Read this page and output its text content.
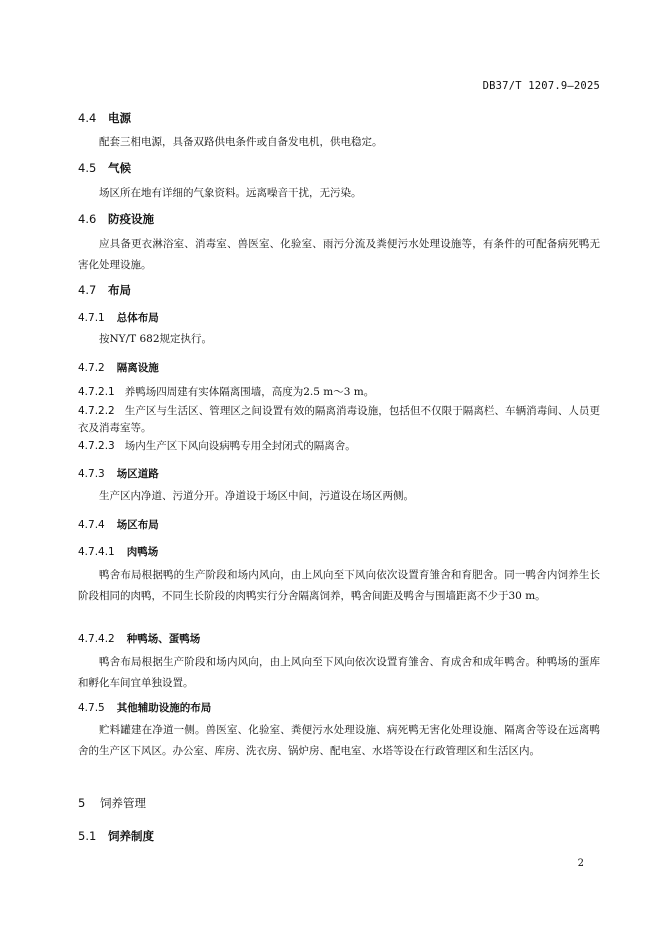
DB37/T 1207.9—2025
4.4 电源
配套三相电源，具备双路供电条件或自备发电机，供电稳定。
4.5 气候
场区所在地有详细的气象资料。远离噪音干扰，无污染。
4.6 防疫设施
应具备更衣淋浴室、消毒室、兽医室、化验室、雨污分流及粪便污水处理设施等，有条件的可配备病死鸭无害化处理设施。
4.7 布局
4.7.1 总体布局
按NY/T 682规定执行。
4.7.2 隔离设施
4.7.2.1 养鸭场四周建有实体隔离围墙，高度为2.5 m～3 m。
4.7.2.2 生产区与生活区、管理区之间设置有效的隔离消毒设施，包括但不仅限于隔离栏、车辆消毒间、人员更衣及消毒室等。
4.7.2.3 场内生产区下风向设病鸭专用全封闭式的隔离舍。
4.7.3 场区道路
生产区内净道、污道分开。净道设于场区中间，污道设在场区两侧。
4.7.4 场区布局
4.7.4.1 肉鸭场
鸭舍布局根据鸭的生产阶段和场内风向，由上风向至下风向依次设置育雏舍和育肥舍。同一鸭舍内饲养生长阶段相同的肉鸭，不同生长阶段的肉鸭实行分舍隔离饲养，鸭舍间距及鸭舍与围墙距离不少于30 m。
4.7.4.2 种鸭场、蛋鸭场
鸭舍布局根据生产阶段和场内风向，由上风向至下风向依次设置育雏舍、育成舍和成年鸭舍。种鸭场的蛋库和孵化车间宜单独设置。
4.7.5 其他辅助设施的布局
贮料罐建在净道一侧。兽医室、化验室、粪便污水处理设施、病死鸭无害化处理设施、隔离舍等设在远离鸭舍的生产区下风区。办公室、库房、洗衣房、锅炉房、配电室、水塔等设在行政管理区和生活区内。
5 饲养管理
5.1 饲养制度
2
